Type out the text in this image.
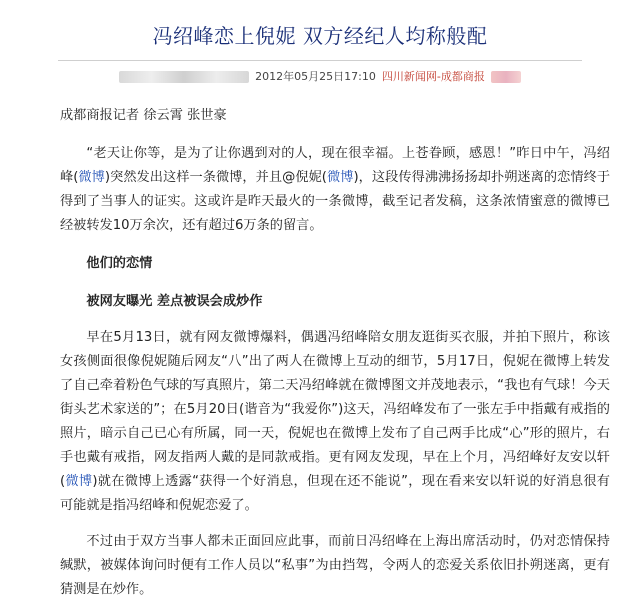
冯绍峰恋上倪妮 双方经纪人均称般配
2012年05月25日17:10 四川新闻网-成都商报

成都商报记者 徐云霄 张世豪

“老天让你等，是为了让你遇到对的人，现在很幸福。上苍眷顾，感恩！”昨日中午，冯绍峰(微博)突然发出这样一条微博，并且@倪妮(微博)，这段传得沸沸扬扬却扑朔迷离的恋情终于得到了当事人的证实。这或许是昨天最火的一条微博，截至记者发稿，这条浓情蜜意的微博已经被转发10万余次，还有超过6万条的留言。

他们的恋情

被网友曝光 差点被误会成炒作

早在5月13日，就有网友微博爆料，偶遇冯绍峰陪女朋友逛街买衣服，并拍下照片，称该女孩侧面很像倪妮随后网友“八”出了两人在微博上互动的细节，5月17日，倪妮在微博上转发了自己牵着粉色气球的写真照片，第二天冯绍峰就在微博图文并茂地表示，“我也有气球！今天街头艺术家送的”；在5月20日(谐音为“我爱你”)这天，冯绍峰发布了一张左手中指戴有戒指的照片，暗示自己已心有所属，同一天，倪妮也在微博上发布了自己两手比成“心”形的照片，右手也戴有戒指，网友指两人戴的是同款戒指。更有网友发现，早在上个月，冯绍峰好友安以轩(微博)就在微博上透露“获得一个好消息，但现在还不能说”，现在看来安以轩说的好消息很有可能就是指冯绍峰和倪妮恋爱了。

不过由于双方当事人都未正面回应此事，而前日冯绍峰在上海出席活动时，仍对恋情保持缄默，被媒体询问时便有工作人员以“私事”为由挡驾，令两人的恋爱关系依旧扑朔迷离，更有猜测是在炒作。
